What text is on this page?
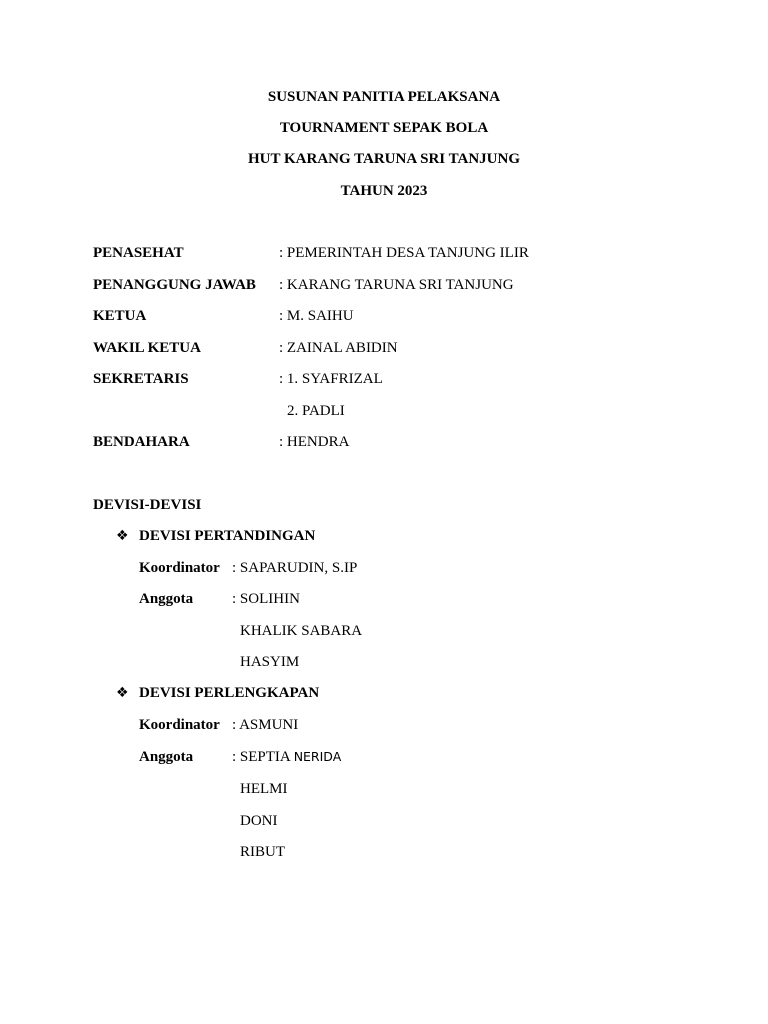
SUSUNAN PANITIA PELAKSANA
TOURNAMENT SEPAK BOLA
HUT KARANG TARUNA SRI TANJUNG
TAHUN 2023
PENASEHAT	: PEMERINTAH DESA TANJUNG ILIR
PENANGGUNG JAWAB : KARANG TARUNA SRI TANJUNG
KETUA	: M. SAIHU
WAKIL KETUA	: ZAINAL ABIDIN
SEKRETARIS	: 1. SYAFRIZAL
2. PADLI
BENDAHARA	: HENDRA
DEVISI-DEVISI
❖ DEVISI PERTANDINGAN
Koordinator : SAPARUDIN, S.IP
Anggota	: SOLIHIN
KHALIK SABARA
HASYIM
❖ DEVISI PERLENGKAPAN
Koordinator : ASMUNI
Anggota	: SEPTIA NERIDA
HELMI
DONI
RIBUT
